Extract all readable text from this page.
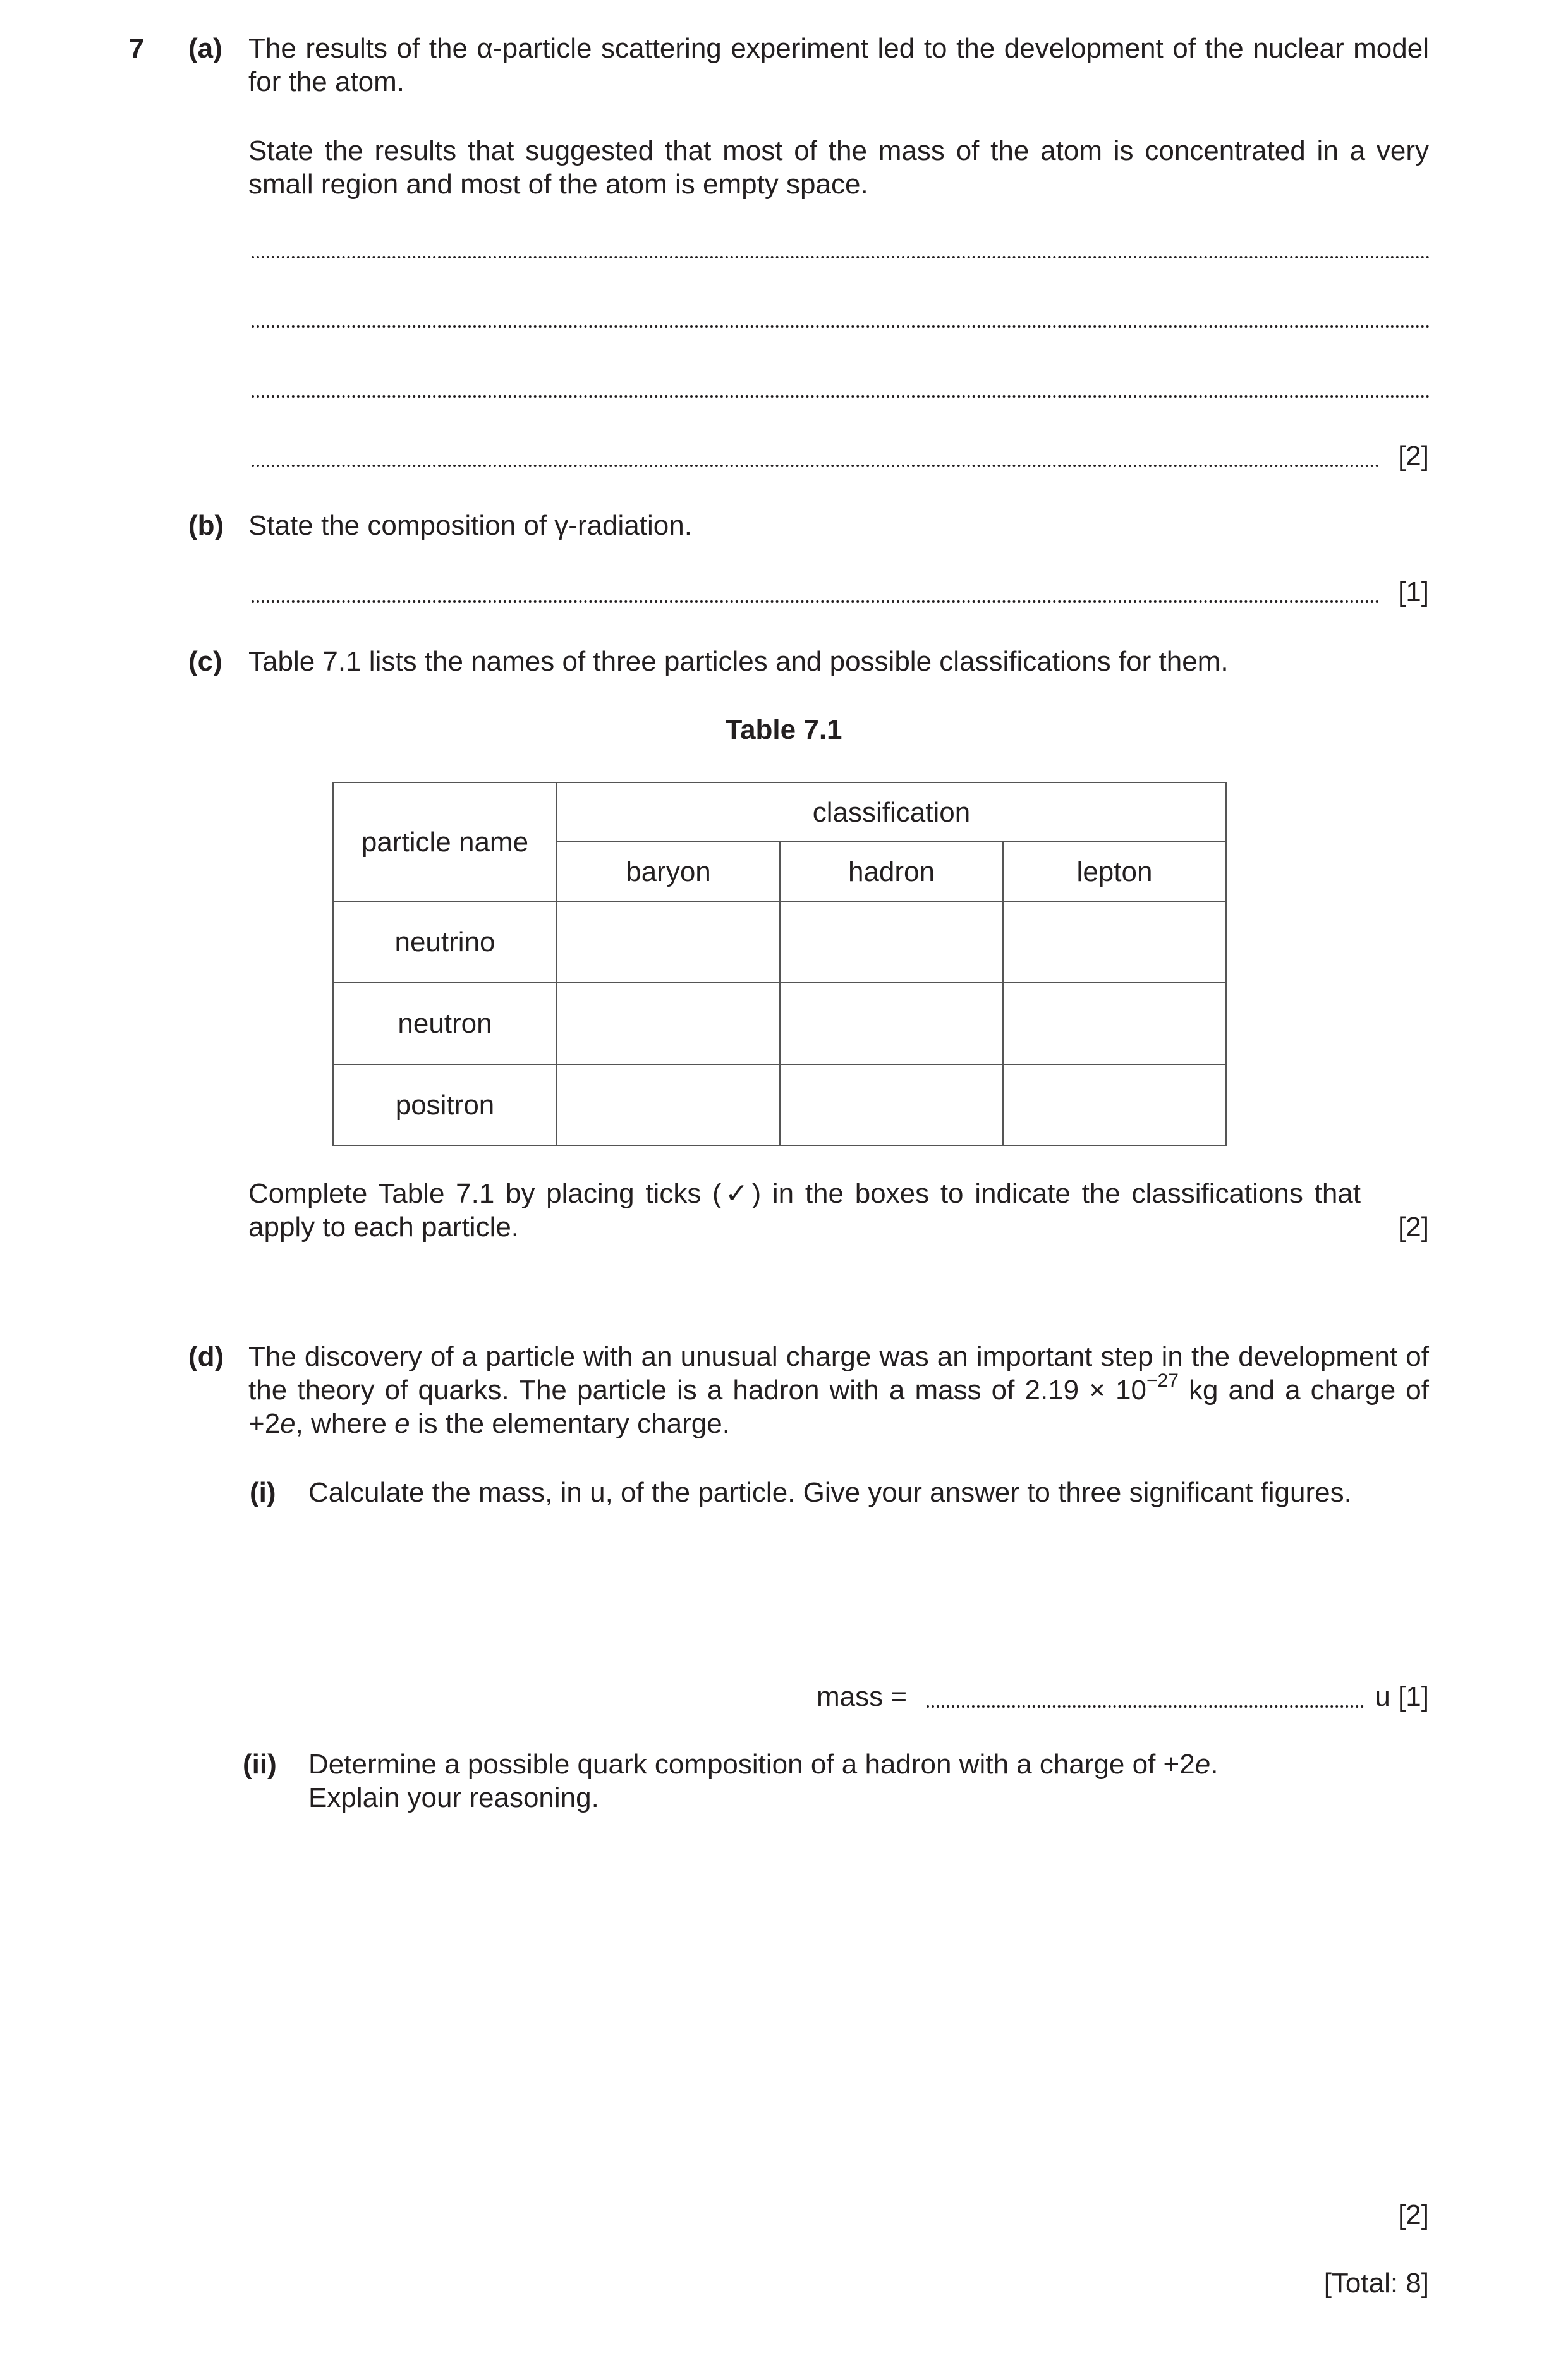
7 (a) The results of the α-particle scattering experiment led to the development of the nuclear model for the atom.
State the results that suggested that most of the mass of the atom is concentrated in a very small region and most of the atom is empty space.
[2]
(b) State the composition of γ-radiation.
[1]
(c) Table 7.1 lists the names of three particles and possible classifications for them.
Table 7.1
particle name	classification		
	baryon	hadron	lepton
neutrino			
neutron			
positron			
Complete Table 7.1 by placing ticks (✓) in the boxes to indicate the classifications that apply to each particle.	[2]
(d) The discovery of a particle with an unusual charge was an important step in the development of the theory of quarks. The particle is a hadron with a mass of $2.19 \times 10^{-27}$ kg and a charge of +2e, where e is the elementary charge.
(i) Calculate the mass, in u, of the particle. Give your answer to three significant figures.
mass =	u [1]
(ii) Determine a possible quark composition of a hadron with a charge of +2e.
Explain your reasoning.
[2]
[Total: 8]
